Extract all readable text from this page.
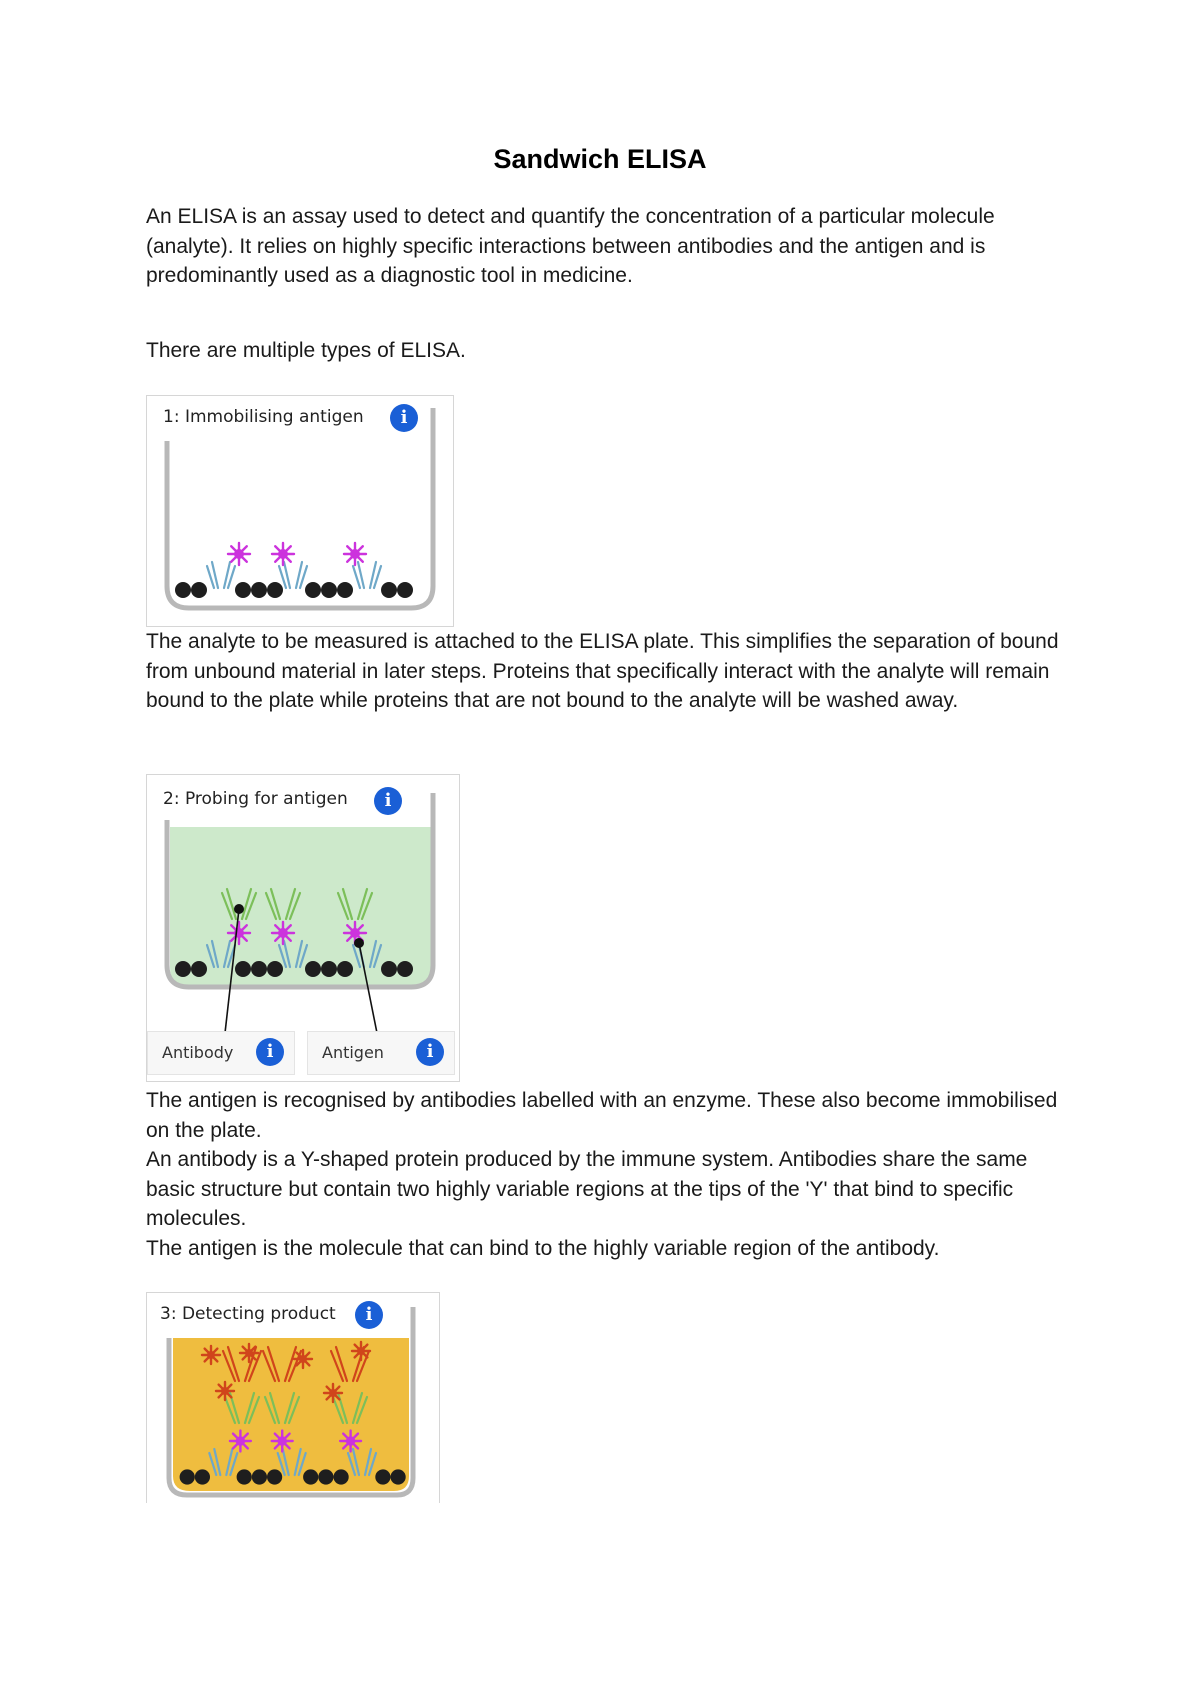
Sandwich ELISA

An ELISA is an assay used to detect and quantify the concentration of a particular molecule (analyte). It relies on highly specific interactions between antibodies and the antigen and is predominantly used as a diagnostic tool in medicine.

There are multiple types of ELISA.

1: Immobilising antigen	i

The analyte to be measured is attached to the ELISA plate. This simplifies the separation of bound from unbound material in later steps. Proteins that specifically interact with the analyte will remain bound to the plate while proteins that are not bound to the analyte will be washed away.

2: Probing for antigen	i
Antibody	i	Antigen	i

The antigen is recognised by antibodies labelled with an enzyme. These also become immobilised on the plate.

An antibody is a Y-shaped protein produced by the immune system. Antibodies share the same basic structure but contain two highly variable regions at the tips of the 'Y' that bind to specific molecules.

The antigen is the molecule that can bind to the highly variable region of the antibody.

3: Detecting product	i
